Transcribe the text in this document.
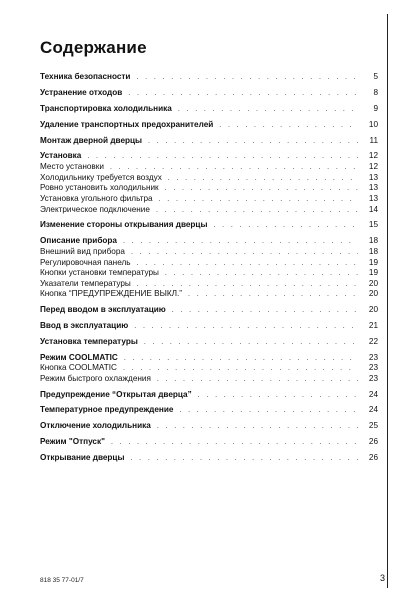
Содержание
Техника безопасности . . .	5
Устранение отходов . . .	8
Транспортировка холодильника . . .	9
Удаление транспортных предохранителей . . .	10
Монтаж дверной дверцы . . .	11
Установка . . .	12
Место установки . . .	12
Холодильнику требуется воздух . . .	13
Ровно установить холодильник . . .	13
Установка угольного фильтра . . .	13
Электрическое подключение . . .	14
Изменение стороны открывания дверцы . . .	15
Описание прибора . . .	18
Внешний вид прибора . . .	18
Регулировочная панель . . .	19
Кнопки установки температуры . . .	19
Указатели температуры . . .	20
Кнопка “ПРЕДУПРЕЖДЕНИЕ ВЫКЛ.” . . .	20
Перед вводом в эксплуатацию . . .	20
Ввод в эксплуатацию . . .	21
Установка температуры . . .	22
Режим COOLMATIC . . .	23
Кнопка COOLMATIC . . .	23
Режим быстрого охлаждения . . .	23
Предупреждение “Открытая дверца” . . .	24
Температурное предупреждение . . .	24
Отключение холодильника . . .	25
Режим "Отпуск" . . .	26
Открывание дверцы . . .	26
818 35 77-01/7	3
